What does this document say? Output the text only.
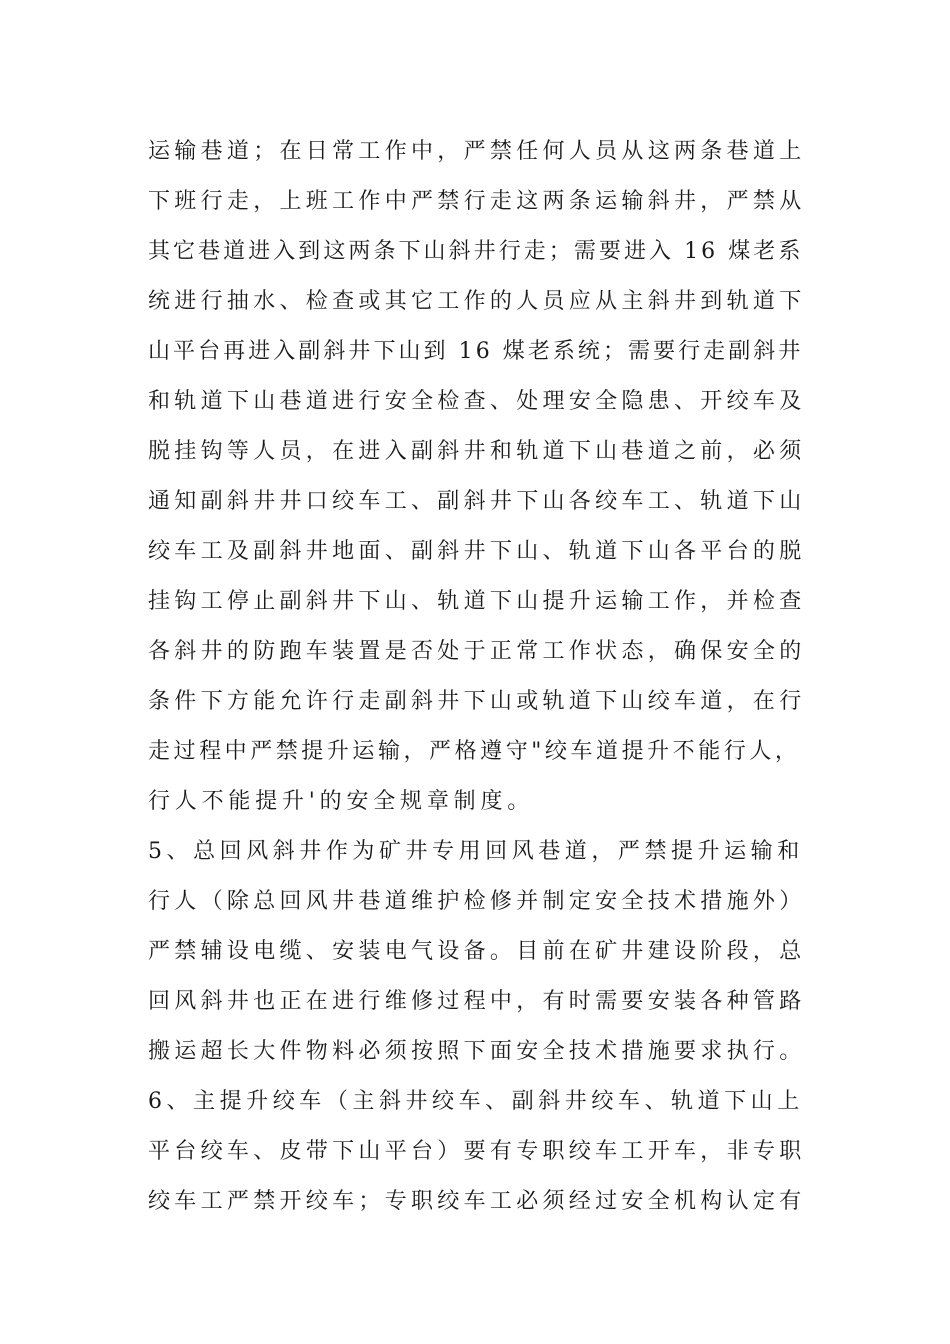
运输巷道；在日常工作中，严禁任何人员从这两条巷道上
下班行走，上班工作中严禁行走这两条运输斜井，严禁从
其它巷道进入到这两条下山斜井行走；需要进入 16 煤老系
统进行抽水、检查或其它工作的人员应从主斜井到轨道下
山平台再进入副斜井下山到 16 煤老系统；需要行走副斜井
和轨道下山巷道进行安全检查、处理安全隐患、开绞车及
脱挂钩等人员，在进入副斜井和轨道下山巷道之前，必须
通知副斜井井口绞车工、副斜井下山各绞车工、轨道下山
绞车工及副斜井地面、副斜井下山、轨道下山各平台的脱
挂钩工停止副斜井下山、轨道下山提升运输工作，并检查
各斜井的防跑车装置是否处于正常工作状态，确保安全的
条件下方能允许行走副斜井下山或轨道下山绞车道，在行
走过程中严禁提升运输，严格遵守"绞车道提升不能行人，
行人不能提升'的安全规章制度。
5、总回风斜井作为矿井专用回风巷道，严禁提升运输和
行人（除总回风井巷道维护检修并制定安全技术措施外）
严禁辅设电缆、安装电气设备。目前在矿井建设阶段，总
回风斜井也正在进行维修过程中，有时需要安装各种管路
搬运超长大件物料必须按照下面安全技术措施要求执行。
6、主提升绞车（主斜井绞车、副斜井绞车、轨道下山上
平台绞车、皮带下山平台）要有专职绞车工开车，非专职
绞车工严禁开绞车；专职绞车工必须经过安全机构认定有
